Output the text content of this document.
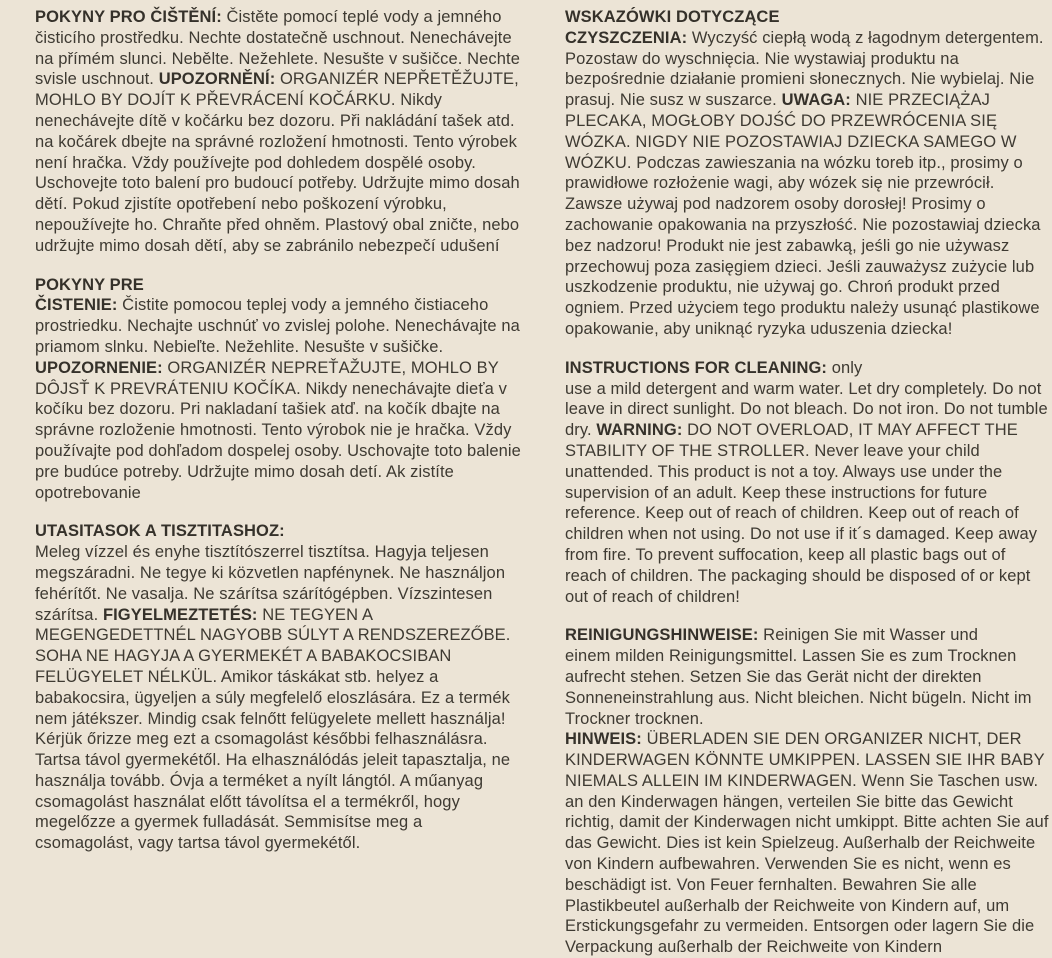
POKYNY PRO ČIŠTĚNÍ: Čistěte pomocí teplé vody a jemného čisticího prostředku. Nechte dostatečně uschnout. Nenechávejte na přímém slunci. Nebělte. Nežehlete. Nesušte v sušičce. Nechte svisle uschnout. UPOZORNĚNÍ: ORGANIZÉR NEPŘETĚŽUJTE, MOHLO BY DOJÍT K PŘEVRÁCENÍ KOČÁRKU. Nikdy nenechávejte dítě v kočárku bez dozoru. Při nakládání tašek atd. na kočárek dbejte na správné rozložení hmotnosti. Tento výrobek není hračka. Vždy používejte pod dohledem dospělé osoby. Uschovejte toto balení pro budoucí potřeby. Udržujte mimo dosah dětí. Pokud zjistíte opotřebení nebo poškození výrobku, nepoužívejte ho. Chraňte před ohněm. Plastový obal zničte, nebo udržujte mimo dosah dětí, aby se zabránilo nebezpečí udušení

POKYNY PRE
ČISTENIE: Čistite pomocou teplej vody a jemného čistiaceho prostriedku. Nechajte uschnúť vo zvislej polohe. Nenechávajte na priamom slnku. Nebieľte. Nežehlite. Nesušte v sušičke. UPOZORNENIE: ORGANIZÉR NEPREŤAŽUJTE, MOHLO BY DÔJSŤ K PREVRÁTENIU KOČÍKA. Nikdy nenechávajte dieťa v kočíku bez dozoru. Pri nakladaní tašiek atď. na kočík dbajte na správne rozloženie hmotnosti. Tento výrobok nie je hračka. Vždy používajte pod dohľadom dospelej osoby. Uschovajte toto balenie pre budúce potreby. Udržujte mimo dosah detí. Ak zistíte opotrebovanie

UTASITASOK A TISZTITASHOZ:
Meleg vízzel és enyhe tisztítószerrel tisztítsa. Hagyja teljesen megszáradni. Ne tegye ki közvetlen napfénynek. Ne használjon fehérítőt. Ne vasalja. Ne szárítsa szárítógépben. Vízszintesen szárítsa. FIGYELMEZTETÉS: NE TEGYEN A MEGENGEDETTNÉL NAGYOBB SÚLYT A RENDSZEREZŐBE. SOHA NE HAGYJA A GYERMEKÉT A BABAKOCSIBAN FELÜGYELET NÉLKÜL. Amikor táskákat stb. helyez a babakocsira, ügyeljen a súly megfelelő eloszlására. Ez a termék nem játékszer. Mindig csak felnőtt felügyelete mellett használja! Kérjük őrizze meg ezt a csomagolást későbbi felhasználásra. Tartsa távol gyermekétől. Ha elhasználódás jeleit tapasztalja, ne használja tovább. Óvja a terméket a nyílt lángtól. A műanyag csomagolást használat előtt távolítsa el a termékről, hogy megelőzze a gyermek fulladását. Semmisítse meg a csomagolást, vagy tartsa távol gyermekétől.

WSKAZÓWKI DOTYCZĄCE
CZYSZCZENIA: Wyczyść ciepłą wodą z łagodnym detergentem. Pozostaw do wyschnięcia. Nie wystawiaj produktu na bezpośrednie działanie promieni słonecznych. Nie wybielaj. Nie prasuj. Nie susz w suszarce. UWAGA: NIE PRZECIĄŻAJ PLECAKA, MOGŁOBY DOJŚĆ DO PRZEWRÓCENIA SIĘ WÓZKA. NIGDY NIE POZOSTAWIAJ DZIECKA SAMEGO W WÓZKU. Podczas zawieszania na wózku toreb itp., prosimy o prawidłowe rozłożenie wagi, aby wózek się nie przewrócił. Zawsze używaj pod nadzorem osoby dorosłej! Prosimy o zachowanie opakowania na przyszłość. Nie pozostawiaj dziecka bez nadzoru! Produkt nie jest zabawką, jeśli go nie używasz przechowuj poza zasięgiem dzieci. Jeśli zauważysz zużycie lub uszkodzenie produktu, nie używaj go. Chroń produkt przed ogniem. Przed użyciem tego produktu należy usunąć plastikowe opakowanie, aby uniknąć ryzyka uduszenia dziecka!

INSTRUCTIONS FOR CLEANING: only
use a mild detergent and warm water. Let dry completely. Do not leave in direct sunlight. Do not bleach. Do not iron. Do not tumble dry. WARNING: DO NOT OVERLOAD, IT MAY AFFECT THE STABILITY OF THE STROLLER. Never leave your child unattended. This product is not a toy. Always use under the supervision of an adult. Keep these instructions for future reference. Keep out of reach of children. Keep out of reach of children when not using. Do not use if it´s damaged. Keep away from fire. To prevent suffocation, keep all plastic bags out of reach of children. The packaging should be disposed of or kept out of reach of children!

REINIGUNGSHINWEISE: Reinigen Sie mit Wasser und
einem milden Reinigungsmittel. Lassen Sie es zum Trocknen aufrecht stehen. Setzen Sie das Gerät nicht der direkten Sonneneinstrahlung aus. Nicht bleichen. Nicht bügeln. Nicht im Trockner trocknen.
HINWEIS: ÜBERLADEN SIE DEN ORGANIZER NICHT, DER KINDERWAGEN KÖNNTE UMKIPPEN. LASSEN SIE IHR BABY NIEMALS ALLEIN IM KINDERWAGEN. Wenn Sie Taschen usw. an den Kinderwagen hängen, verteilen Sie bitte das Gewicht richtig, damit der Kinderwagen nicht umkippt. Bitte achten Sie auf das Gewicht. Dies ist kein Spielzeug. Außerhalb der Reichweite von Kindern aufbewahren. Verwenden Sie es nicht, wenn es beschädigt ist. Von Feuer fernhalten. Bewahren Sie alle Plastikbeutel außerhalb der Reichweite von Kindern auf, um Erstickungsgefahr zu vermeiden. Entsorgen oder lagern Sie die Verpackung außerhalb der Reichweite von Kindern
